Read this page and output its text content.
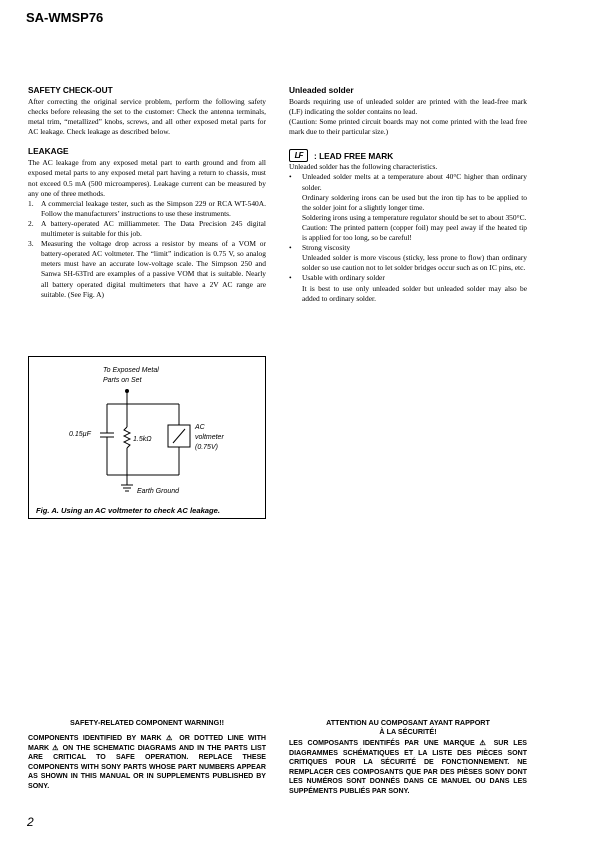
SA-WMSP76
SAFETY CHECK-OUT

After correcting the original service problem, perform the following safety checks before releasing the set to the customer: Check the antenna terminals, metal trim, “metallized” knobs, screws, and all other exposed metal parts for AC leakage. Check leakage as described below.

LEAKAGE

The AC leakage from any exposed metal part to earth ground and from all exposed metal parts to any exposed metal part having a return to chassis, must not exceed 0.5 mA (500 microamperes). Leakage current can be measured by any one of three methods.

1. A commercial leakage tester, such as the Simpson 229 or RCA WT-540A. Follow the manufacturers’ instructions to use these instruments.
2. A battery-operated AC milliammeter. The Data Precision 245 digital multimeter is suitable for this job.
3. Measuring the voltage drop across a resistor by means of a VOM or battery-operated AC voltmeter. The “limit” indication is 0.75 V, so analog meters must have an accurate low-voltage scale. The Simpson 250 and Sanwa SH-63Trd are examples of a passive VOM that is suitable. Nearly all battery operated digital multimeters that have a 2V AC range are suitable. (See Fig. A)
To Exposed Metal
Parts on Set
0.15µF
1.5kΩ
AC
voltmeter
(0.75V)
Earth Ground
Fig. A. Using an AC voltmeter to check AC leakage.
Unleaded solder

Boards requiring use of unleaded solder are printed with the lead-free mark (LF) indicating the solder contains no lead.

(Caution: Some printed circuit boards may not come printed with the lead free mark due to their particular size.)

LF	: LEAD FREE MARK

Unleaded solder has the following characteristics.

• Unleaded solder melts at a temperature about 40°C higher than ordinary solder.
Ordinary soldering irons can be used but the iron tip has to be applied to the solder joint for a slightly longer time.
Soldering irons using a temperature regulator should be set to about 350°C.
Caution: The printed pattern (copper foil) may peel away if the heated tip is applied for too long, so be careful!
• Strong viscosity
Unleaded solder is more viscous (sticky, less prone to flow) than ordinary solder so use caution not to let solder bridges occur such as on IC pins, etc.
• Usable with ordinary solder
It is best to use only unleaded solder but unleaded solder may also be added to ordinary solder.
SAFETY-RELATED COMPONENT WARNING!!
COMPONENTS IDENTIFIED BY MARK ⚠ OR DOTTED LINE WITH MARK ⚠ ON THE SCHEMATIC DIAGRAMS AND IN THE PARTS LIST ARE CRITICAL TO SAFE OPERATION. REPLACE THESE COMPONENTS WITH SONY PARTS WHOSE PART NUMBERS APPEAR AS SHOWN IN THIS MANUAL OR IN SUPPLEMENTS PUBLISHED BY SONY.
ATTENTION AU COMPOSANT AYANT RAPPORT
À LA SÉCURITÉ!
LES COMPOSANTS IDENTIFÉS PAR UNE MARQUE ⚠ SUR LES DIAGRAMMES SCHÉMATIQUES ET LA LISTE DES PIÈCES SONT CRITIQUES POUR LA SÉCURITÉ DE FONCTIONNEMENT. NE REMPLACER CES COMPOSANTS QUE PAR DES PIÈSES SONY DONT LES NUMÉROS SONT DONNÉS DANS CE MANUEL OU DANS LES SUPPÉMENTS PUBLIÉS PAR SONY.
2
